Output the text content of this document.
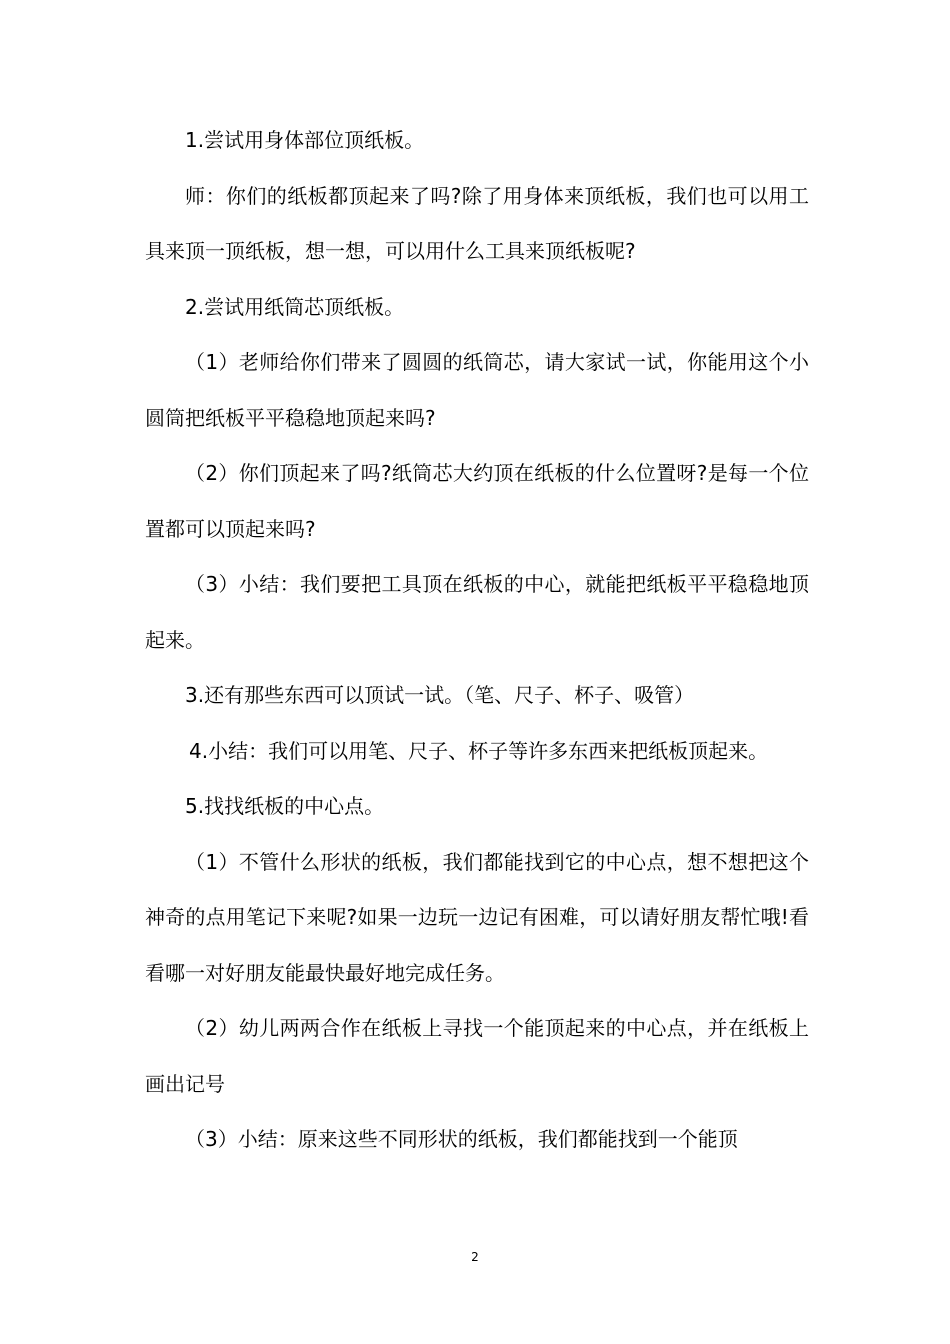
1.尝试用身体部位顶纸板。

师：你们的纸板都顶起来了吗?除了用身体来顶纸板，我们也可以用工具来顶一顶纸板，想一想，可以用什么工具来顶纸板呢?

2.尝试用纸筒芯顶纸板。

（1）老师给你们带来了圆圆的纸筒芯，请大家试一试，你能用这个小圆筒把纸板平平稳稳地顶起来吗?

（2）你们顶起来了吗?纸筒芯大约顶在纸板的什么位置呀?是每一个位置都可以顶起来吗?

（3）小结：我们要把工具顶在纸板的中心，就能把纸板平平稳稳地顶起来。

3.还有那些东西可以顶试一试。（笔、尺子、杯子、吸管）

4.小结：我们可以用笔、尺子、杯子等许多东西来把纸板顶起来。

5.找找纸板的中心点。

（1）不管什么形状的纸板，我们都能找到它的中心点，想不想把这个神奇的点用笔记下来呢?如果一边玩一边记有困难，可以请好朋友帮忙哦!看看哪一对好朋友能最快最好地完成任务。

（2）幼儿两两合作在纸板上寻找一个能顶起来的中心点，并在纸板上画出记号

（3）小结：原来这些不同形状的纸板，我们都能找到一个能顶

2
